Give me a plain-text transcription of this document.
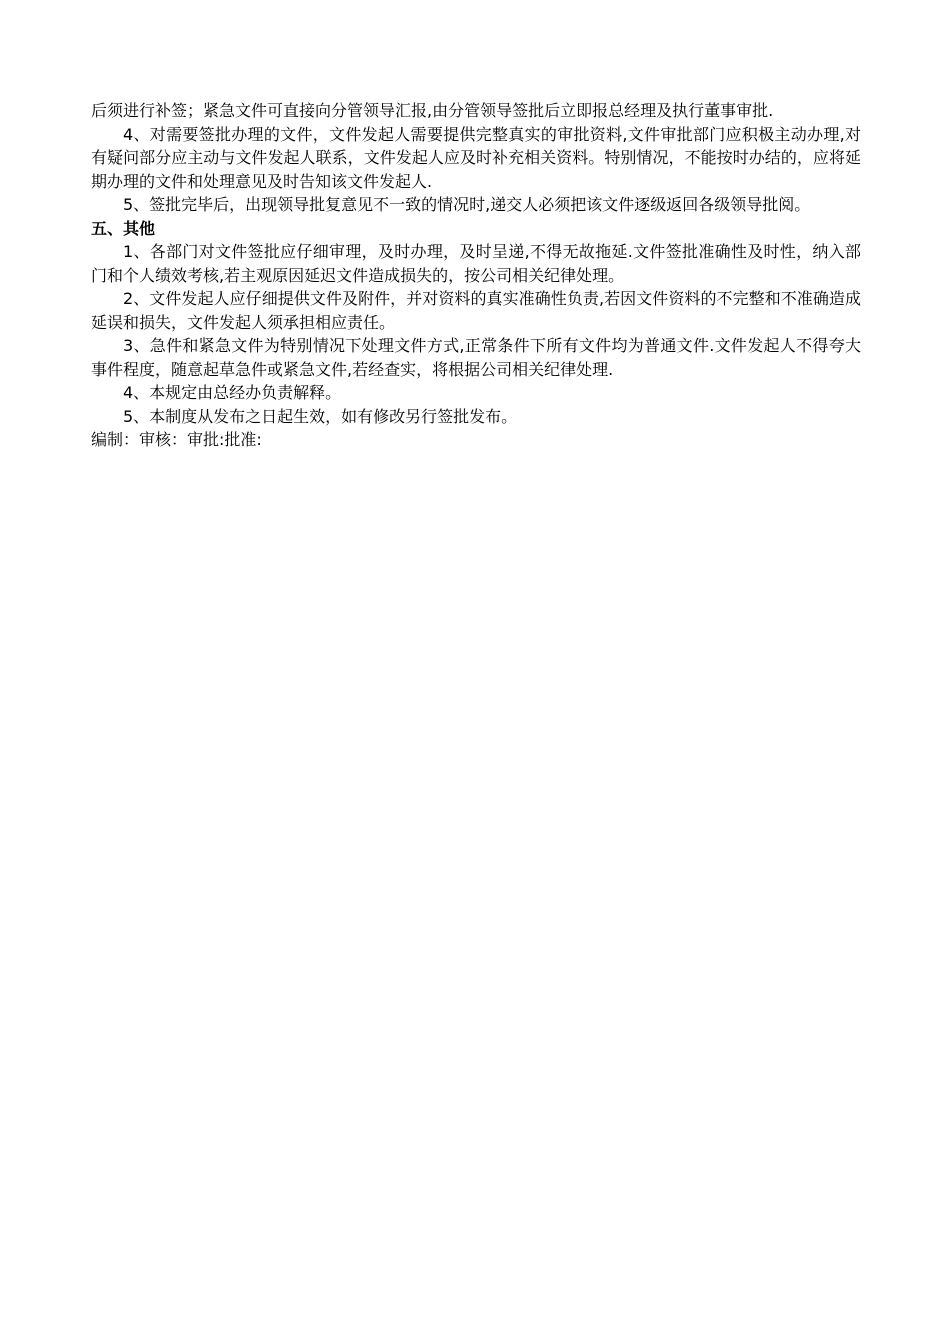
后须进行补签；紧急文件可直接向分管领导汇报,由分管领导签批后立即报总经理及执行董事审批.

4、对需要签批办理的文件，文件发起人需要提供完整真实的审批资料,文件审批部门应积极主动办理,对有疑问部分应主动与文件发起人联系，文件发起人应及时补充相关资料。特别情况，不能按时办结的，应将延期办理的文件和处理意见及时告知该文件发起人.

5、签批完毕后，出现领导批复意见不一致的情况时,递交人必须把该文件逐级返回各级领导批阅。

五、其他

1、各部门对文件签批应仔细审理，及时办理，及时呈递,不得无故拖延.文件签批准确性及时性，纳入部门和个人绩效考核,若主观原因延迟文件造成损失的，按公司相关纪律处理。

2、文件发起人应仔细提供文件及附件，并对资料的真实准确性负责,若因文件资料的不完整和不准确造成延误和损失，文件发起人须承担相应责任。

3、急件和紧急文件为特别情况下处理文件方式,正常条件下所有文件均为普通文件.文件发起人不得夸大事件程度，随意起草急件或紧急文件,若经查实，将根据公司相关纪律处理.

4、本规定由总经办负责解释。

5、本制度从发布之日起生效，如有修改另行签批发布。

编制：审核：审批:批准:
